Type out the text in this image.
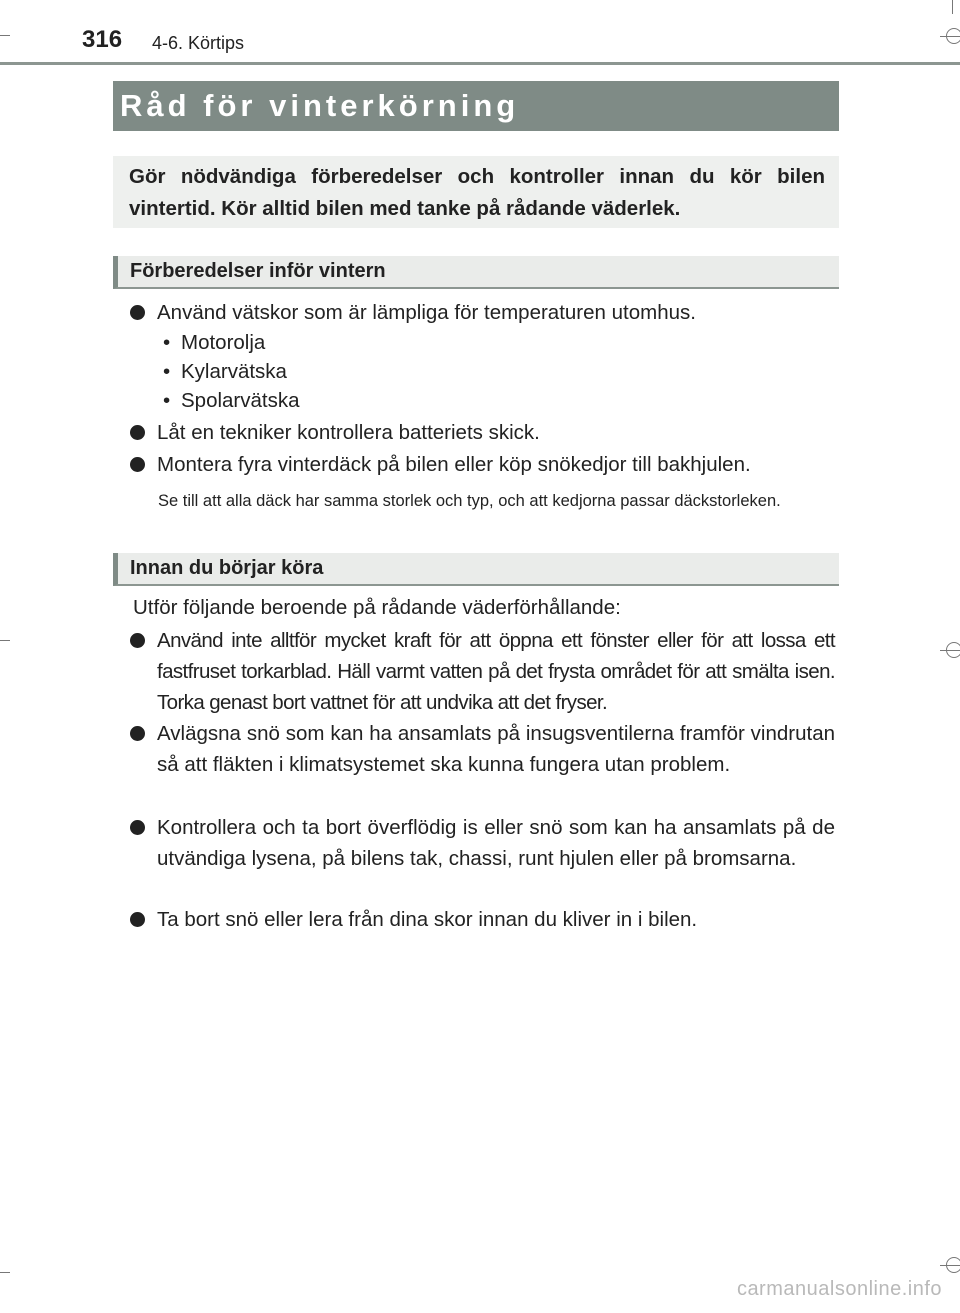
316 4-6. Körtips
Råd för vinterkörning
Gör nödvändiga förberedelser och kontroller innan du kör bilen vintertid. Kör alltid bilen med tanke på rådande väderlek.
Förberedelser inför vintern
Använd vätskor som är lämpliga för temperaturen utomhus.
• Motorolja
• Kylarvätska
• Spolarvätska
Låt en tekniker kontrollera batteriets skick.
Montera fyra vinterdäck på bilen eller köp snökedjor till bakhjulen.
Se till att alla däck har samma storlek och typ, och att kedjorna passar däckstorleken.
Innan du börjar köra
Utför följande beroende på rådande väderförhållande:
Använd inte alltför mycket kraft för att öppna ett fönster eller för att lossa ett fastfruset torkarblad. Häll varmt vatten på det frysta området för att smälta isen. Torka genast bort vattnet för att undvika att det fryser.
Avlägsna snö som kan ha ansamlats på insugsventilerna framför vindrutan så att fläkten i klimatsystemet ska kunna fungera utan problem.
Kontrollera och ta bort överflödig is eller snö som kan ha ansamlats på de utvändiga lysena, på bilens tak, chassi, runt hjulen eller på bromsarna.
Ta bort snö eller lera från dina skor innan du kliver in i bilen.
carmanualsonline.info
